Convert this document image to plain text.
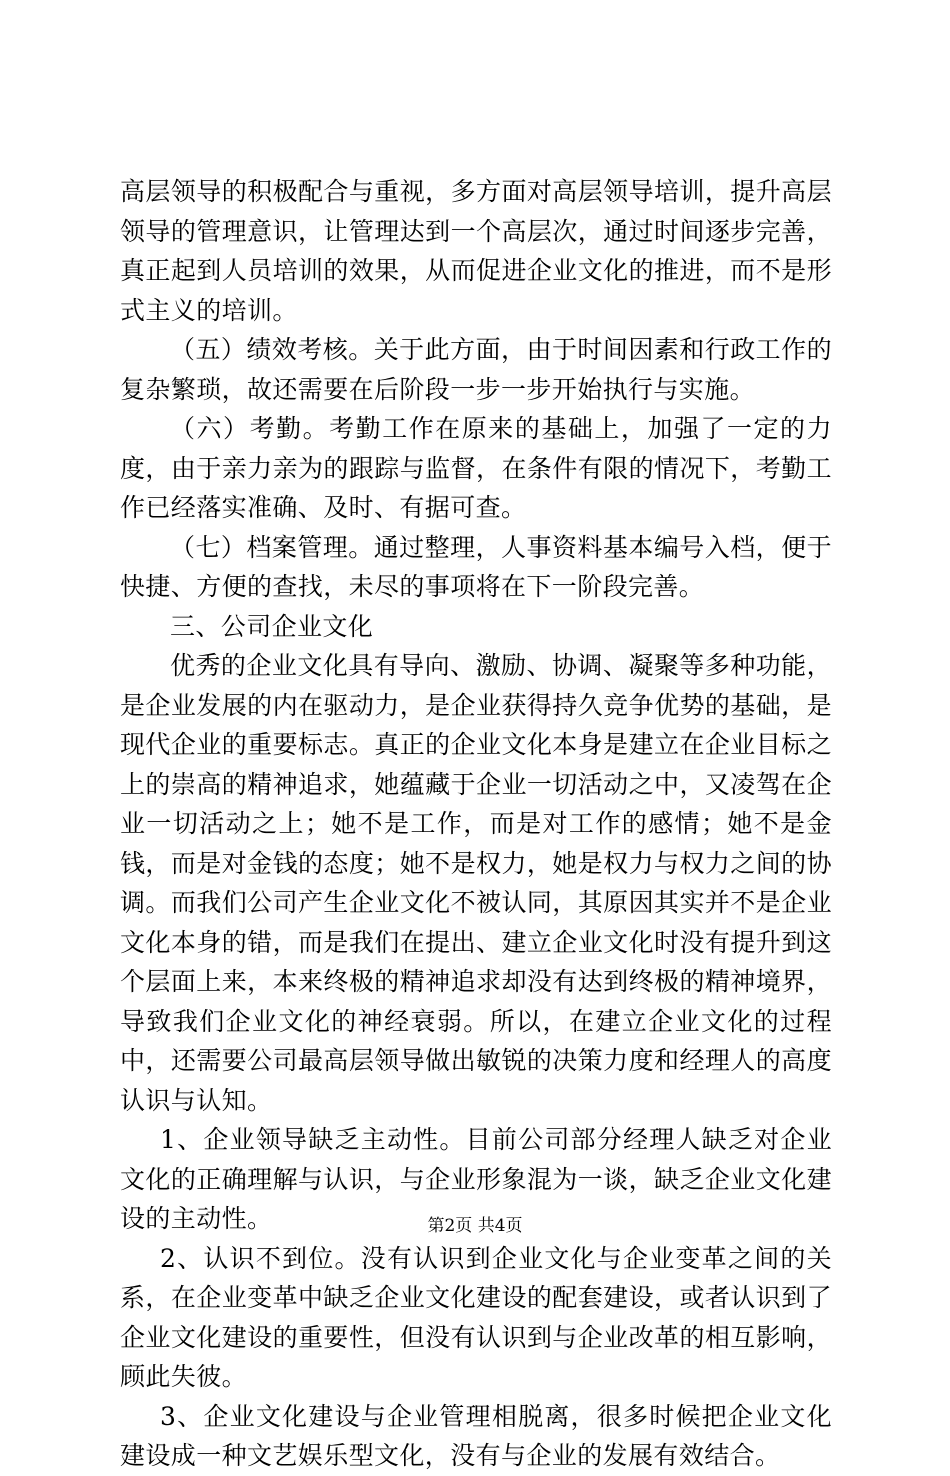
高层领导的积极配合与重视，多方面对高层领导培训，提升高层领导的管理意识，让管理达到一个高层次，通过时间逐步完善，真正起到人员培训的效果，从而促进企业文化的推进，而不是形式主义的培训。

（五）绩效考核。关于此方面，由于时间因素和行政工作的复杂繁琐，故还需要在后阶段一步一步开始执行与实施。

（六）考勤。考勤工作在原来的基础上，加强了一定的力度，由于亲力亲为的跟踪与监督，在条件有限的情况下，考勤工作已经落实准确、及时、有据可查。

（七）档案管理。通过整理，人事资料基本编号入档，便于快捷、方便的查找，未尽的事项将在下一阶段完善。

三、公司企业文化

优秀的企业文化具有导向、激励、协调、凝聚等多种功能，是企业发展的内在驱动力，是企业获得持久竞争优势的基础，是现代企业的重要标志。真正的企业文化本身是建立在企业目标之上的崇高的精神追求，她蕴藏于企业一切活动之中，又凌驾在企业一切活动之上；她不是工作，而是对工作的感情；她不是金钱，而是对金钱的态度；她不是权力，她是权力与权力之间的协调。而我们公司产生企业文化不被认同，其原因其实并不是企业文化本身的错，而是我们在提出、建立企业文化时没有提升到这个层面上来，本来终极的精神追求却没有达到终极的精神境界，导致我们企业文化的神经衰弱。所以，在建立企业文化的过程中，还需要公司最高层领导做出敏锐的决策力度和经理人的高度认识与认知。

1、企业领导缺乏主动性。目前公司部分经理人缺乏对企业文化的正确理解与认识，与企业形象混为一谈，缺乏企业文化建设的主动性。

2、认识不到位。没有认识到企业文化与企业变革之间的关系，在企业变革中缺乏企业文化建设的配套建设，或者认识到了企业文化建设的重要性，但没有认识到与企业改革的相互影响，顾此失彼。

3、企业文化建设与企业管理相脱离，很多时候把企业文化建设成一种文艺娱乐型文化，没有与企业的发展有效结合。

第2页 共4页
